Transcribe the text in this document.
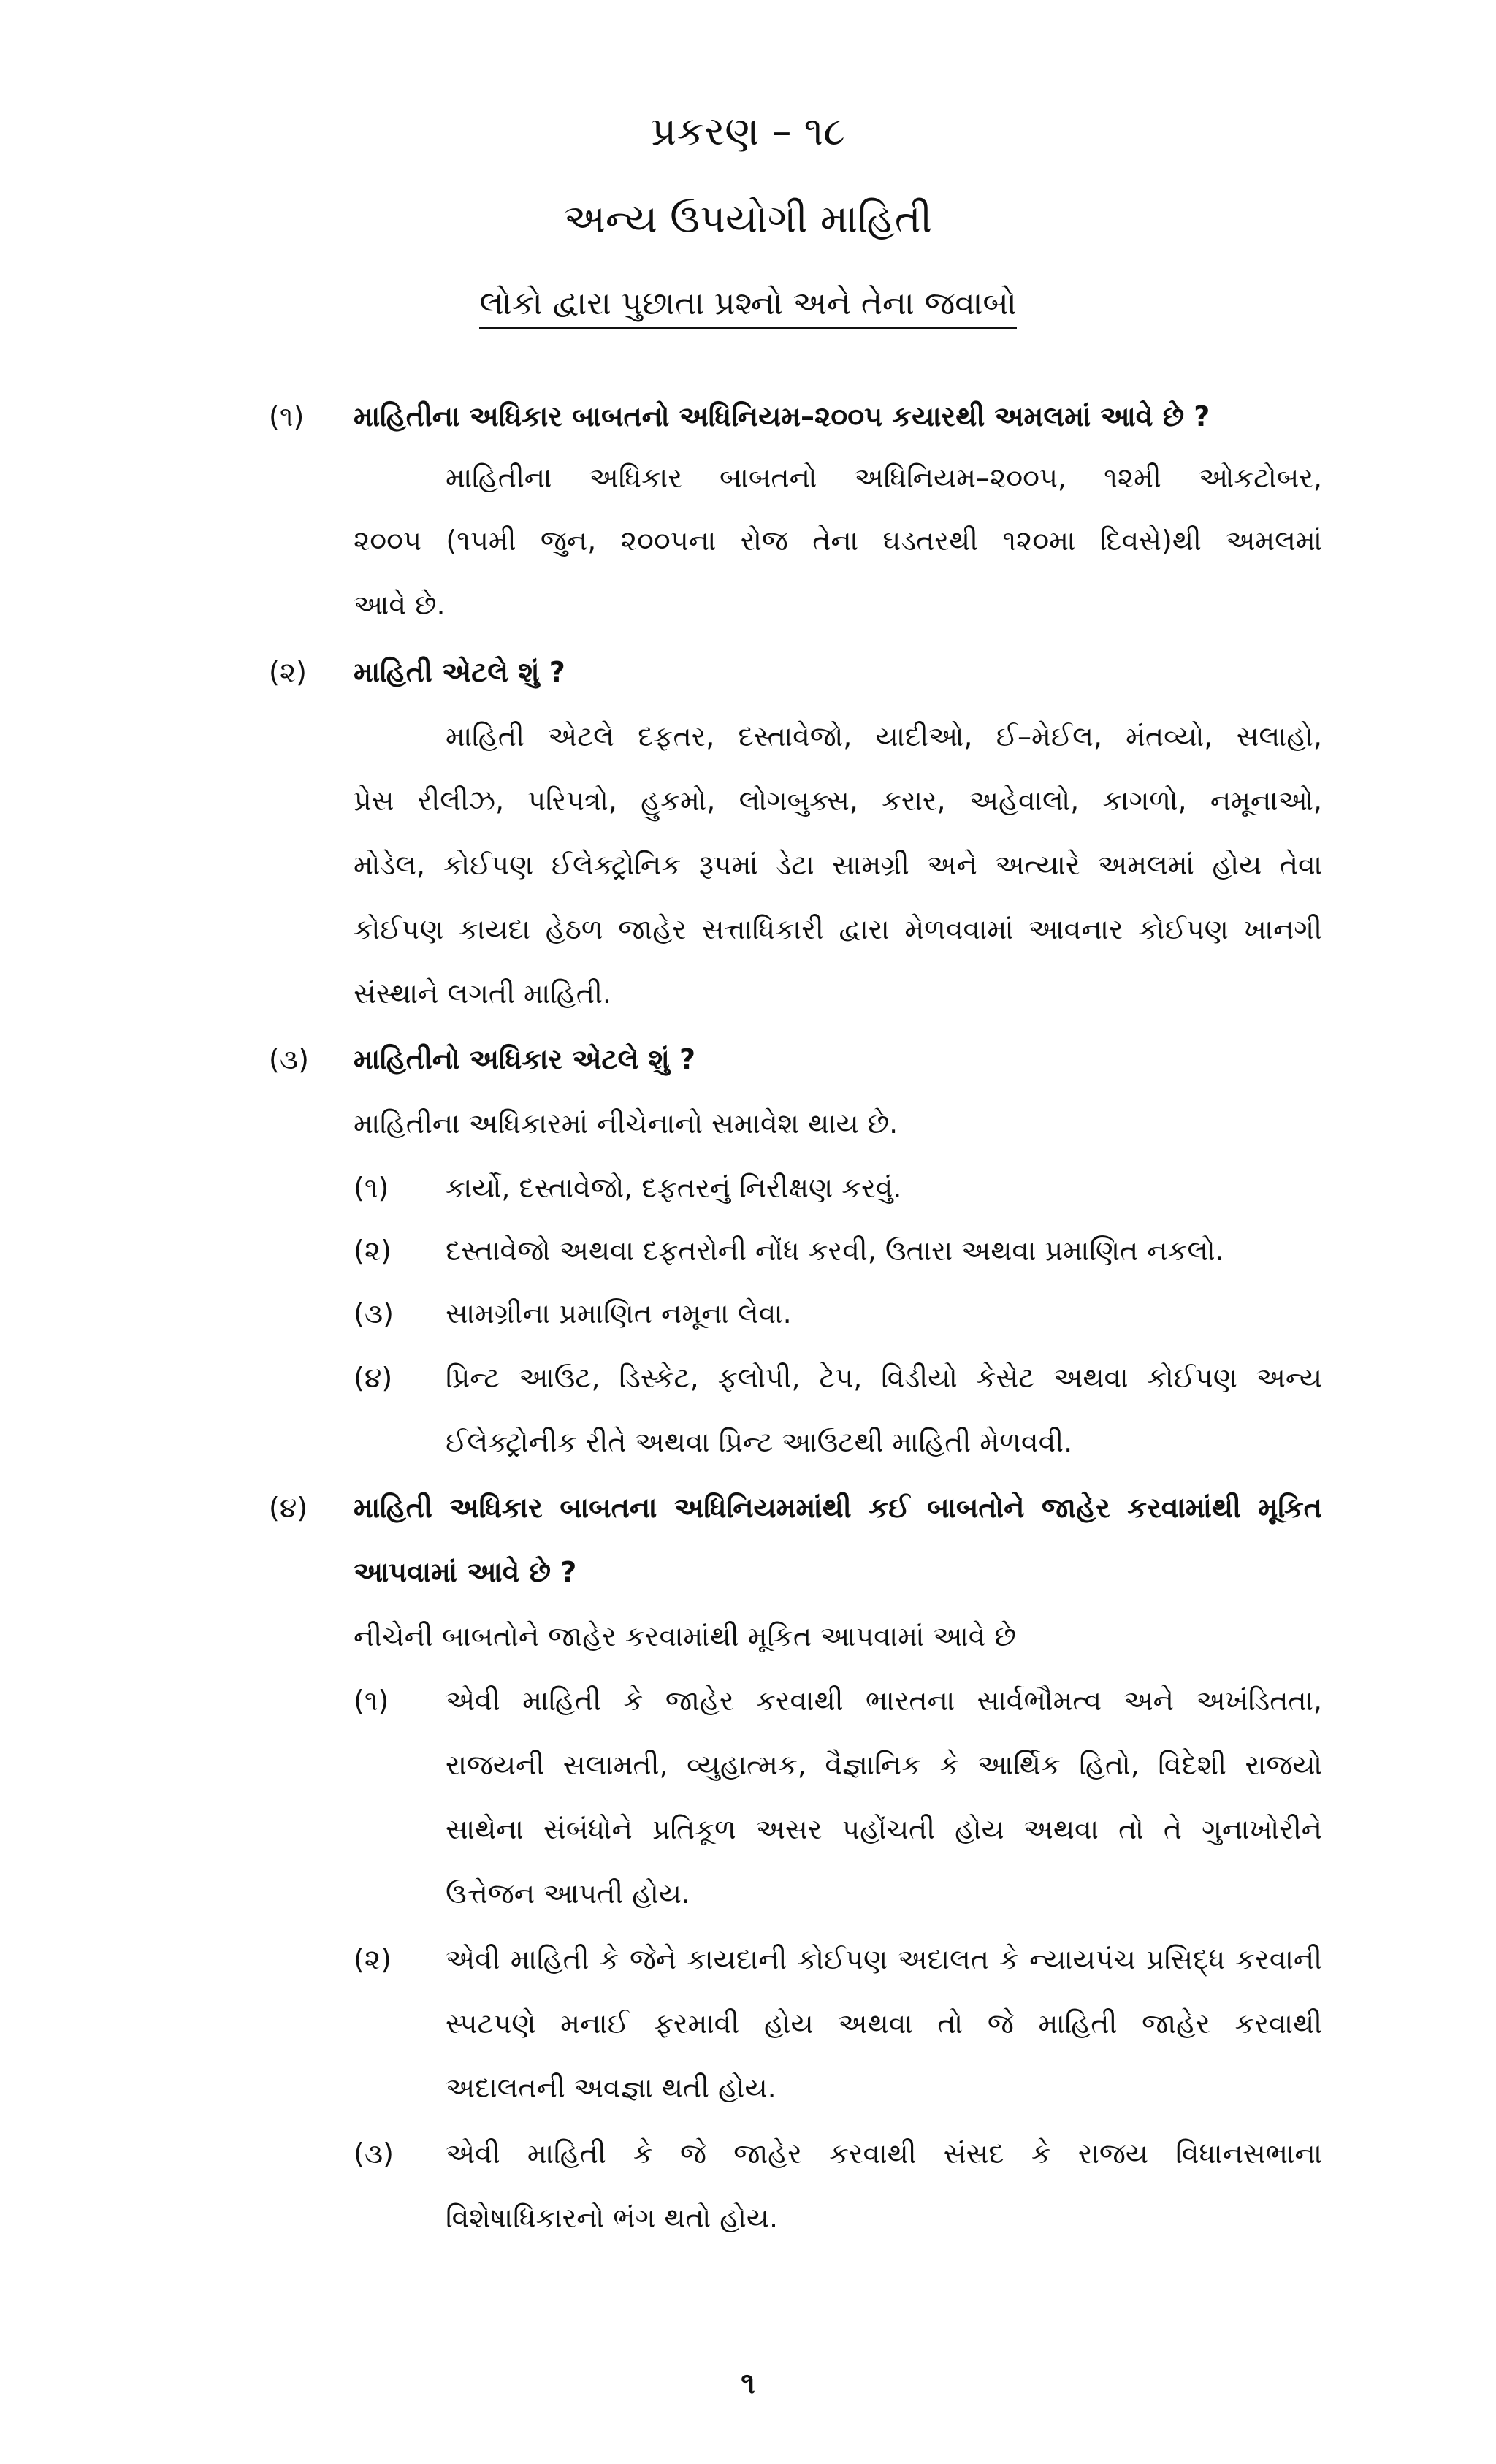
પ્રકરણ – ૧૮
અન્ય ઉપયોગી માહિતી
લોકો દ્વારા પુછાતા પ્રશ્નો અને તેના જવાબો
(૧) માહિતીના અધિકાર બાબતનો અધિનિયમ–૨૦૦૫ કયારથી અમલમાં આવે છે ?
માહિતીના અધિકાર બાબતનો અધિનિયમ–૨૦૦૫, ૧૨મી ઓકટોબર,
૨૦૦૫ (૧૫મી જુન, ૨૦૦૫ના રોજ તેના ઘડતરથી ૧૨૦મા દિવસે)થી અમલમાં
આવે છે.
(૨) માહિતી એટલે શું ?
માહિતી એટલે દફતર, દસ્તાવેજો, યાદીઓ, ઈ–મેઈલ, મંતવ્યો, સલાહો,
પ્રેસ રીલીઝ, પરિપત્રો, હુકમો, લોગબુક્સ, કરાર, અહેવાલો, કાગળો, નમૂનાઓ,
મોડેલ, કોઈપણ ઈલેક્ટ્રોનિક રૂપમાં ડેટા સામગ્રી અને અત્યારે અમલમાં હોય તેવા
કોઈપણ કાયદા હેઠળ જાહેર સત્તાધિકારી દ્વારા મેળવવામાં આવનાર કોઈપણ ખાનગી
સંસ્થાને લગતી માહિતી.
(૩) માહિતીનો અધિકાર એટલે શું ?
માહિતીના અધિકારમાં નીચેનાનો સમાવેશ થાય છે.
(૧) કાર્યો, દસ્તાવેજો, દફતરનું નિરીક્ષણ કરવું.
(૨) દસ્તાવેજો અથવા દફતરોની નોંધ કરવી, ઉતારા અથવા પ્રમાણિત નકલો.
(૩) સામગ્રીના પ્રમાણિત નમૂના લેવા.
(૪) પ્રિન્ટ આઉટ, ડિસ્કેટ, ફલોપી, ટેપ, વિડીયો કેસેટ અથવા કોઈપણ અન્ય
ઈલેક્ટ્રોનીક રીતે અથવા પ્રિન્ટ આઉટથી માહિતી મેળવવી.
(૪) માહિતી અધિકાર બાબતના અધિનિયમમાંથી કઈ બાબતોને જાહેર કરવામાંથી મૂકિત
આપવામાં આવે છે ?
નીચેની બાબતોને જાહેર કરવામાંથી મૂકિત આપવામાં આવે છે
(૧) એવી માહિતી કે જાહેર કરવાથી ભારતના સાર્વભૌમત્વ અને અખંડિતતા,
રાજયની સલામતી, વ્યુહાત્મક, વૈજ્ઞાનિક કે આર્થિક હિતો, વિદેશી રાજયો
સાથેના સંબંધોને પ્રતિકૂળ અસર પહોંચતી હોય અથવા તો તે ગુનાખોરીને
ઉત્તેજન આપતી હોય.
(૨) એવી માહિતી કે જેને કાયદાની કોઈપણ અદાલત કે ન્યાયપંચ પ્રસિદ્ધ કરવાની
સ્પટપણે મનાઈ ફરમાવી હોય અથવા તો જે માહિતી જાહેર કરવાથી
અદાલતની અવજ્ઞા થતી હોય.
(૩) એવી માહિતી કે જે જાહેર કરવાથી સંસદ કે રાજય વિધાનસભાના
વિશેષાધિકારનો ભંગ થતો હોય.
૧
